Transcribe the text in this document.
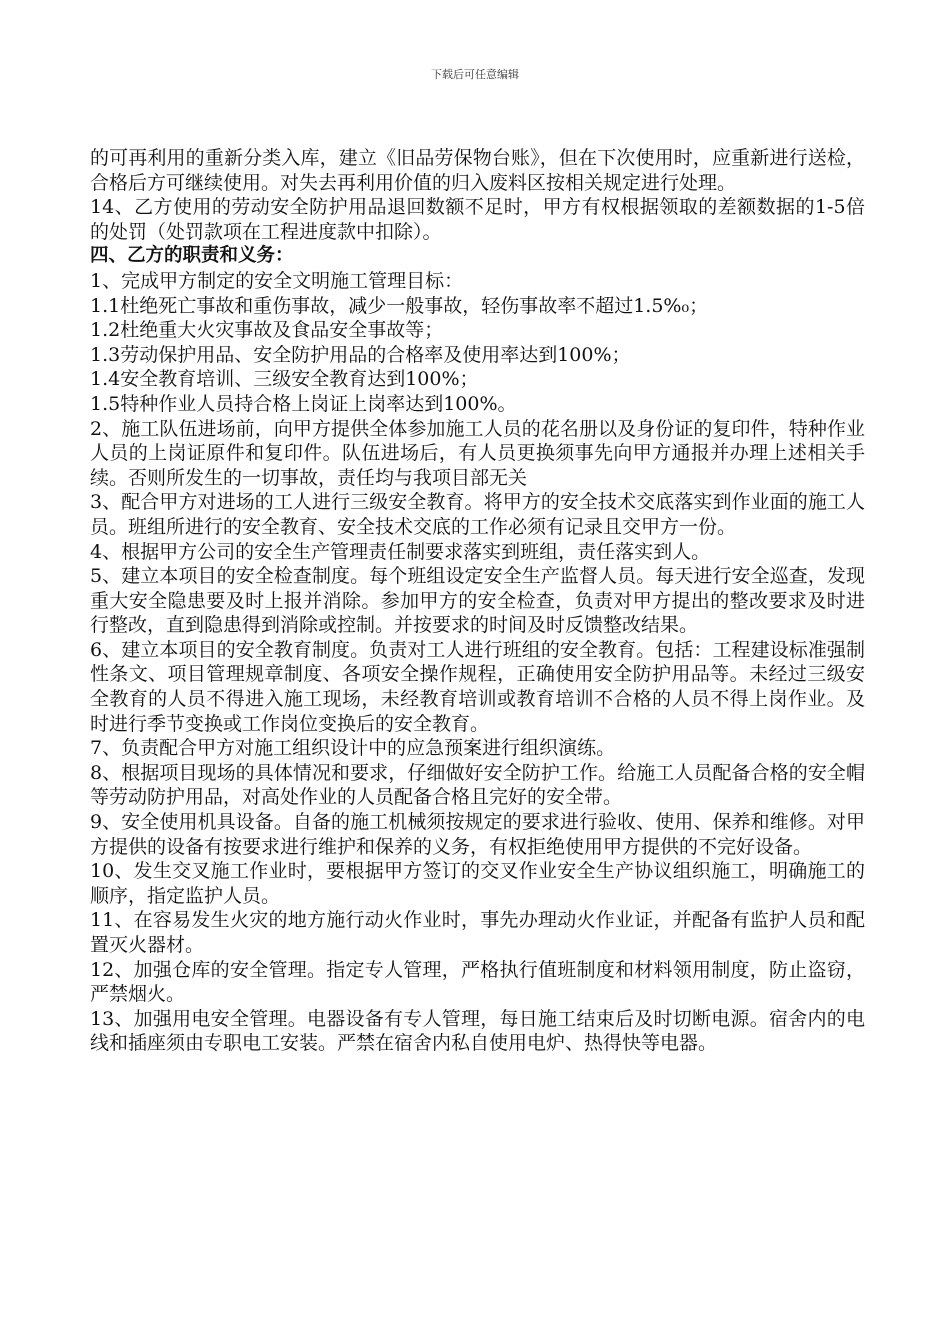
下载后可任意编辑

的可再利用的重新分类入库，建立《旧品劳保物台账》，但在下次使用时，应重新进行送检，合格后方可继续使用。对失去再利用价值的归入废料区按相关规定进行处理。

14、乙方使用的劳动安全防护用品退回数额不足时，甲方有权根据领取的差额数据的1-5倍的处罚（处罚款项在工程进度款中扣除）。

四、乙方的职责和义务：

1、完成甲方制定的安全文明施工管理目标：

1.1杜绝死亡事故和重伤事故，减少一般事故，轻伤事故率不超过1.5%₀；

1.2杜绝重大火灾事故及食品安全事故等；

1.3劳动保护用品、安全防护用品的合格率及使用率达到100%；

1.4安全教育培训、三级安全教育达到100%；

1.5特种作业人员持合格上岗证上岗率达到100%。

2、施工队伍进场前，向甲方提供全体参加施工人员的花名册以及身份证的复印件，特种作业人员的上岗证原件和复印件。队伍进场后，有人员更换须事先向甲方通报并办理上述相关手续。否则所发生的一切事故，责任均与我项目部无关

3、配合甲方对进场的工人进行三级安全教育。将甲方的安全技术交底落实到作业面的施工人员。班组所进行的安全教育、安全技术交底的工作必须有记录且交甲方一份。

4、根据甲方公司的安全生产管理责任制要求落实到班组，责任落实到人。

5、建立本项目的安全检查制度。每个班组设定安全生产监督人员。每天进行安全巡查，发现重大安全隐患要及时上报并消除。参加甲方的安全检查，负责对甲方提出的整改要求及时进行整改，直到隐患得到消除或控制。并按要求的时间及时反馈整改结果。

6、建立本项目的安全教育制度。负责对工人进行班组的安全教育。包括：工程建设标准强制性条文、项目管理规章制度、各项安全操作规程，正确使用安全防护用品等。未经过三级安全教育的人员不得进入施工现场，未经教育培训或教育培训不合格的人员不得上岗作业。及时进行季节变换或工作岗位变换后的安全教育。

7、负责配合甲方对施工组织设计中的应急预案进行组织演练。

8、根据项目现场的具体情况和要求，仔细做好安全防护工作。给施工人员配备合格的安全帽等劳动防护用品，对高处作业的人员配备合格且完好的安全带。

9、安全使用机具设备。自备的施工机械须按规定的要求进行验收、使用、保养和维修。对甲方提供的设备有按要求进行维护和保养的义务，有权拒绝使用甲方提供的不完好设备。

10、发生交叉施工作业时，要根据甲方签订的交叉作业安全生产协议组织施工，明确施工的顺序，指定监护人员。

11、在容易发生火灾的地方施行动火作业时，事先办理动火作业证，并配备有监护人员和配置灭火器材。

12、加强仓库的安全管理。指定专人管理，严格执行值班制度和材料领用制度，防止盗窃，严禁烟火。

13、加强用电安全管理。电器设备有专人管理，每日施工结束后及时切断电源。宿舍内的电线和插座须由专职电工安装。严禁在宿舍内私自使用电炉、热得快等电器。
